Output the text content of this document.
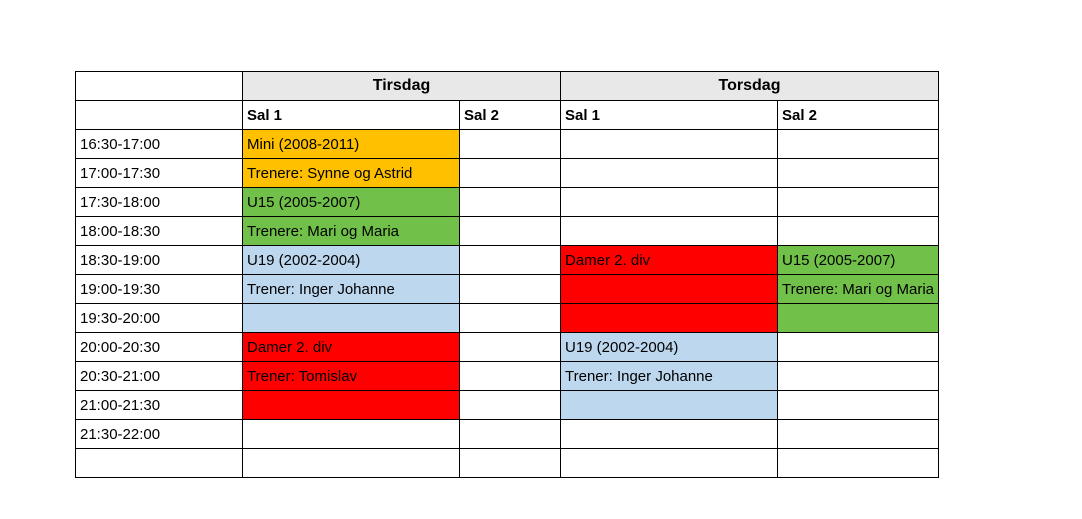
	Tirsdag		Torsdag	
	Sal 1	Sal 2	Sal 1	Sal 2
16:30-17:00	Mini (2008-2011)			

17:00-17:30	Trenere: Synne og Astrid			

17:30-18:00	U15 (2005-2007)			

18:00-18:30	Trenere: Mari og Maria			

18:30-19:00	U19 (2002-2004)		Damer 2. div	U15 (2005-2007)

19:00-19:30	Trener: Inger Johanne			Trenere: Mari og Maria

19:30-20:00	

20:00-20:30	Damer 2. div		U19 (2002-2004)	

20:30-21:00	Trener: Tomislav		Trener: Inger Johanne	

21:00-21:30	

21:30-22:00	
